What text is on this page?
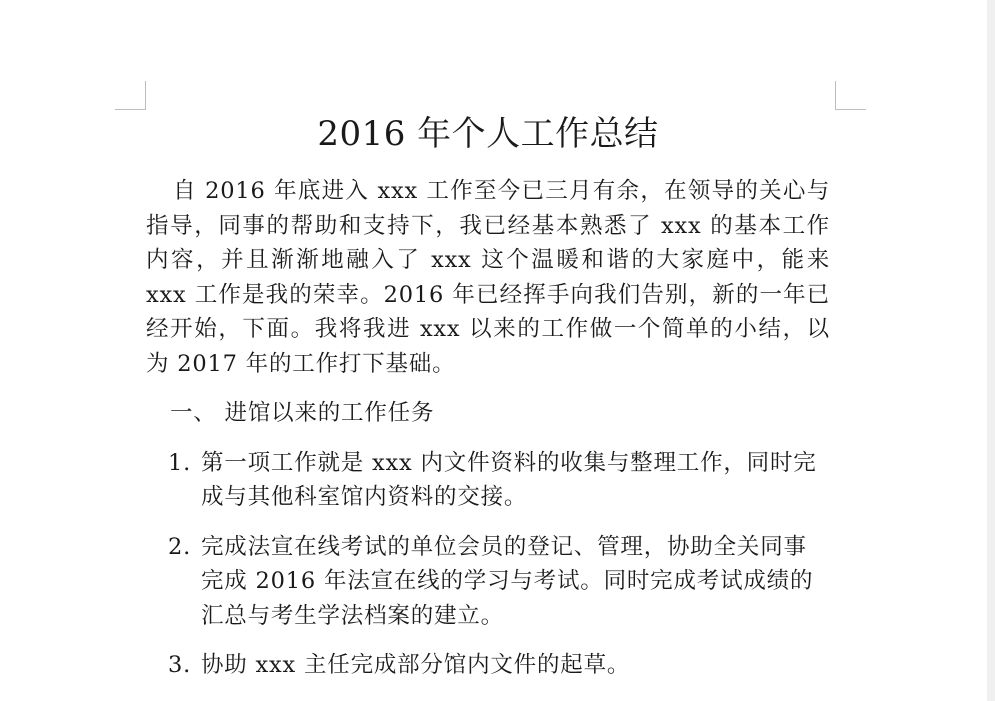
2016 年个人工作总结

自 2016 年底进入 xxx 工作至今已三月有余，在领导的关心与指导，同事的帮助和支持下，我已经基本熟悉了 xxx 的基本工作内容，并且渐渐地融入了 xxx 这个温暖和谐的大家庭中，能来 xxx 工作是我的荣幸。2016 年已经挥手向我们告别，新的一年已经开始，下面。我将我进 xxx 以来的工作做一个简单的小结，以为 2017 年的工作打下基础。

一、 进馆以来的工作任务
1. 第一项工作就是 xxx 内文件资料的收集与整理工作，同时完成与其他科室馆内资料的交接。
2. 完成法宣在线考试的单位会员的登记、管理，协助全关同事完成 2016 年法宣在线的学习与考试。同时完成考试成绩的汇总与考生学法档案的建立。
3. 协助 xxx 主任完成部分馆内文件的起草。
